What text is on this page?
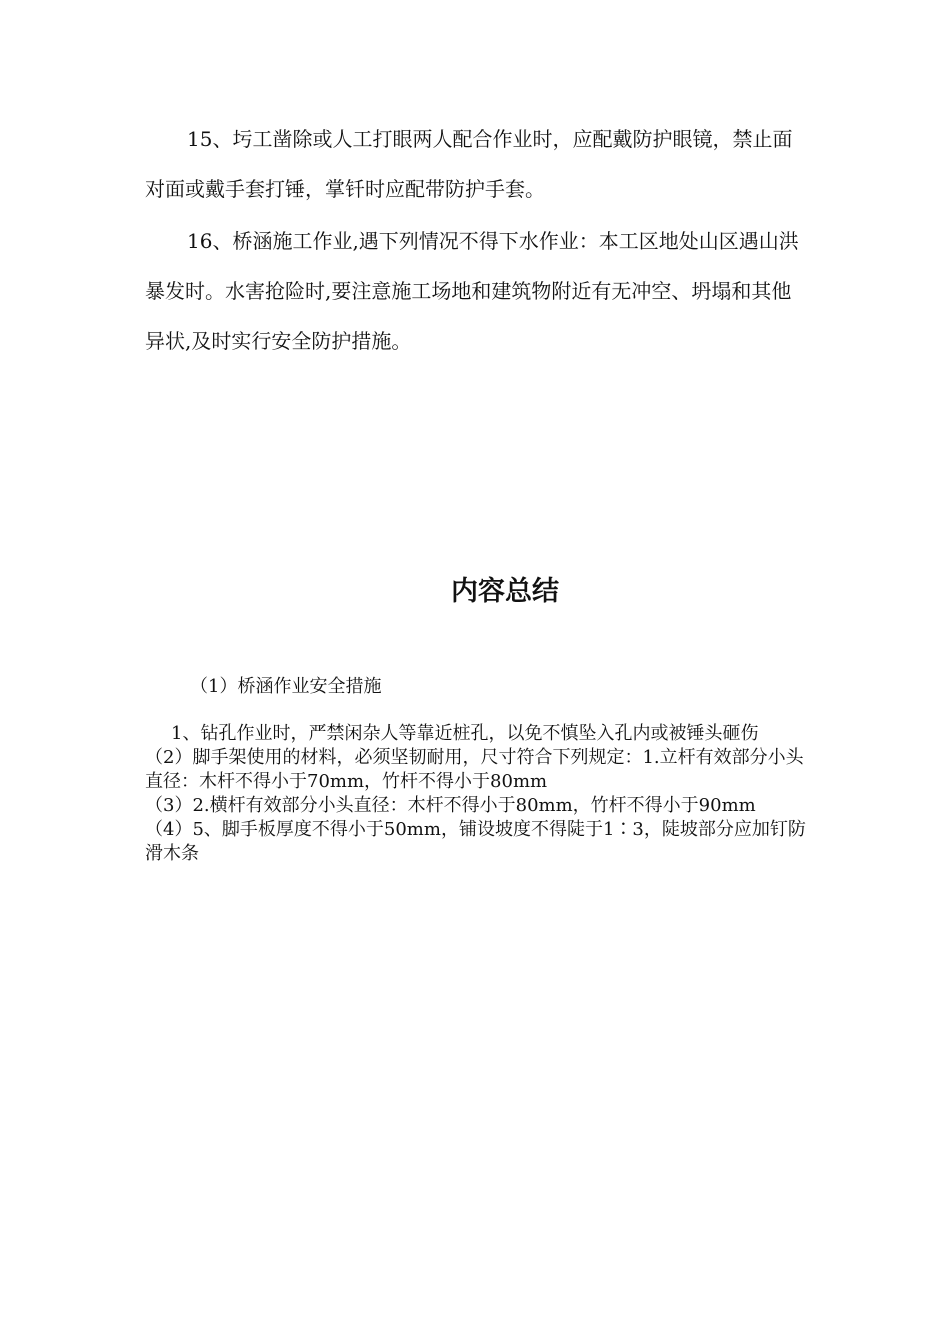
15、圬工凿除或人工打眼两人配合作业时，应配戴防护眼镜，禁止面对面或戴手套打锤，掌钎时应配带防护手套。

16、桥涵施工作业,遇下列情况不得下水作业：本工区地处山区遇山洪暴发时。水害抢险时,要注意施工场地和建筑物附近有无冲空、坍塌和其他异状,及时实行安全防护措施。

内容总结

（1）桥涵作业安全措施

1、钻孔作业时，严禁闲杂人等靠近桩孔，以免不慎坠入孔内或被锤头砸伤

（2）脚手架使用的材料，必须坚韧耐用，尺寸符合下列规定：1.立杆有效部分小头直径：木杆不得小于70mm，竹杆不得小于80mm

（3）2.横杆有效部分小头直径：木杆不得小于80mm，竹杆不得小于90mm

（4）5、脚手板厚度不得小于50mm，铺设坡度不得陡于1∶3，陡坡部分应加钉防滑木条
